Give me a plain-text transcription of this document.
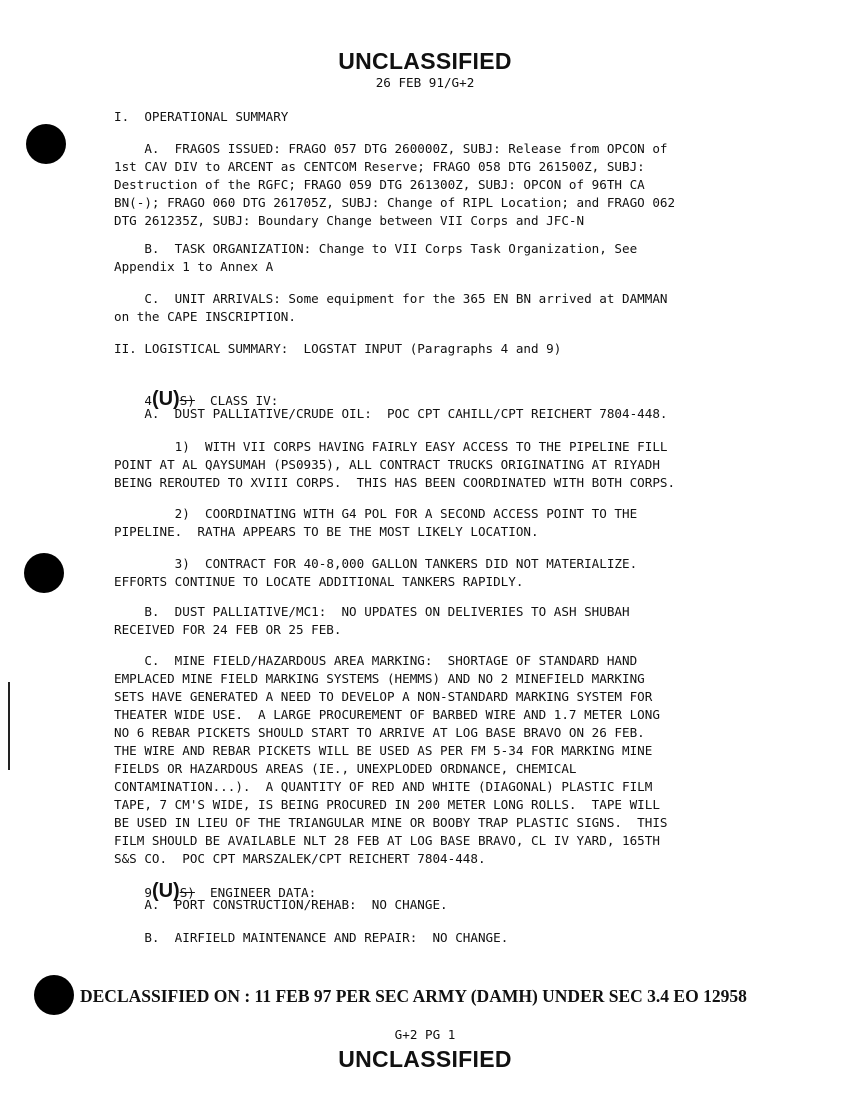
UNCLASSIFIED
26 FEB 91/G+2
I.  OPERATIONAL SUMMARY
A.  FRAGOS ISSUED: FRAGO 057 DTG 260000Z, SUBJ: Release from OPCON of
1st CAV DIV to ARCENT as CENTCOM Reserve; FRAGO 058 DTG 261500Z, SUBJ:
Destruction of the RGFC; FRAGO 059 DTG 261300Z, SUBJ: OPCON of 96TH CA
BN(-); FRAGO 060 DTG 261705Z, SUBJ: Change of RIPL Location; and FRAGO 062
DTG 261235Z, SUBJ: Boundary Change between VII Corps and JFC-N
B.  TASK ORGANIZATION: Change to VII Corps Task Organization, See
Appendix 1 to Annex A
C.  UNIT ARRIVALS: Some equipment for the 365 EN BN arrived at DAMMAN
on the CAPE INSCRIPTION.
II. LOGISTICAL SUMMARY:  LOGSTAT INPUT (Paragraphs 4 and 9)

4(U)S) CLASS IV:

A.  DUST PALLIATIVE/CRUDE OIL:  POC CPT CAHILL/CPT REICHERT 7804-448.
1)  WITH VII CORPS HAVING FAIRLY EASY ACCESS TO THE PIPELINE FILL
POINT AT AL QAYSUMAH (PS0935), ALL CONTRACT TRUCKS ORIGINATING AT RIYADH
BEING REROUTED TO XVIII CORPS.  THIS HAS BEEN COORDINATED WITH BOTH CORPS.
2)  COORDINATING WITH G4 POL FOR A SECOND ACCESS POINT TO THE
PIPELINE.  RATHA APPEARS TO BE THE MOST LIKELY LOCATION.
3)  CONTRACT FOR 40-8,000 GALLON TANKERS DID NOT MATERIALIZE.
EFFORTS CONTINUE TO LOCATE ADDITIONAL TANKERS RAPIDLY.
B.  DUST PALLIATIVE/MC1:  NO UPDATES ON DELIVERIES TO ASH SHUBAH
RECEIVED FOR 24 FEB OR 25 FEB.
C.  MINE FIELD/HAZARDOUS AREA MARKING:  SHORTAGE OF STANDARD HAND
EMPLACED MINE FIELD MARKING SYSTEMS (HEMMS) AND NO 2 MINEFIELD MARKING
SETS HAVE GENERATED A NEED TO DEVELOP A NON-STANDARD MARKING SYSTEM FOR
THEATER WIDE USE.  A LARGE PROCUREMENT OF BARBED WIRE AND 1.7 METER LONG
NO 6 REBAR PICKETS SHOULD START TO ARRIVE AT LOG BASE BRAVO ON 26 FEB.
THE WIRE AND REBAR PICKETS WILL BE USED AS PER FM 5-34 FOR MARKING MINE
FIELDS OR HAZARDOUS AREAS (IE., UNEXPLODED ORDNANCE, CHEMICAL
CONTAMINATION...).  A QUANTITY OF RED AND WHITE (DIAGONAL) PLASTIC FILM
TAPE, 7 CM'S WIDE, IS BEING PROCURED IN 200 METER LONG ROLLS.  TAPE WILL
BE USED IN LIEU OF THE TRIANGULAR MINE OR BOOBY TRAP PLASTIC SIGNS.  THIS
FILM SHOULD BE AVAILABLE NLT 28 FEB AT LOG BASE BRAVO, CL IV YARD, 165TH
S&S CO.  POC CPT MARSZALEK/CPT REICHERT 7804-448.

9(U)S) ENGINEER DATA:

A.  PORT CONSTRUCTION/REHAB:  NO CHANGE.
B.  AIRFIELD MAINTENANCE AND REPAIR:  NO CHANGE.
DECLASSIFIED ON : 11 FEB 97 PER SEC ARMY (DAMH) UNDER SEC 3.4 EO 12958
G+2 PG 1
UNCLASSIFIED
